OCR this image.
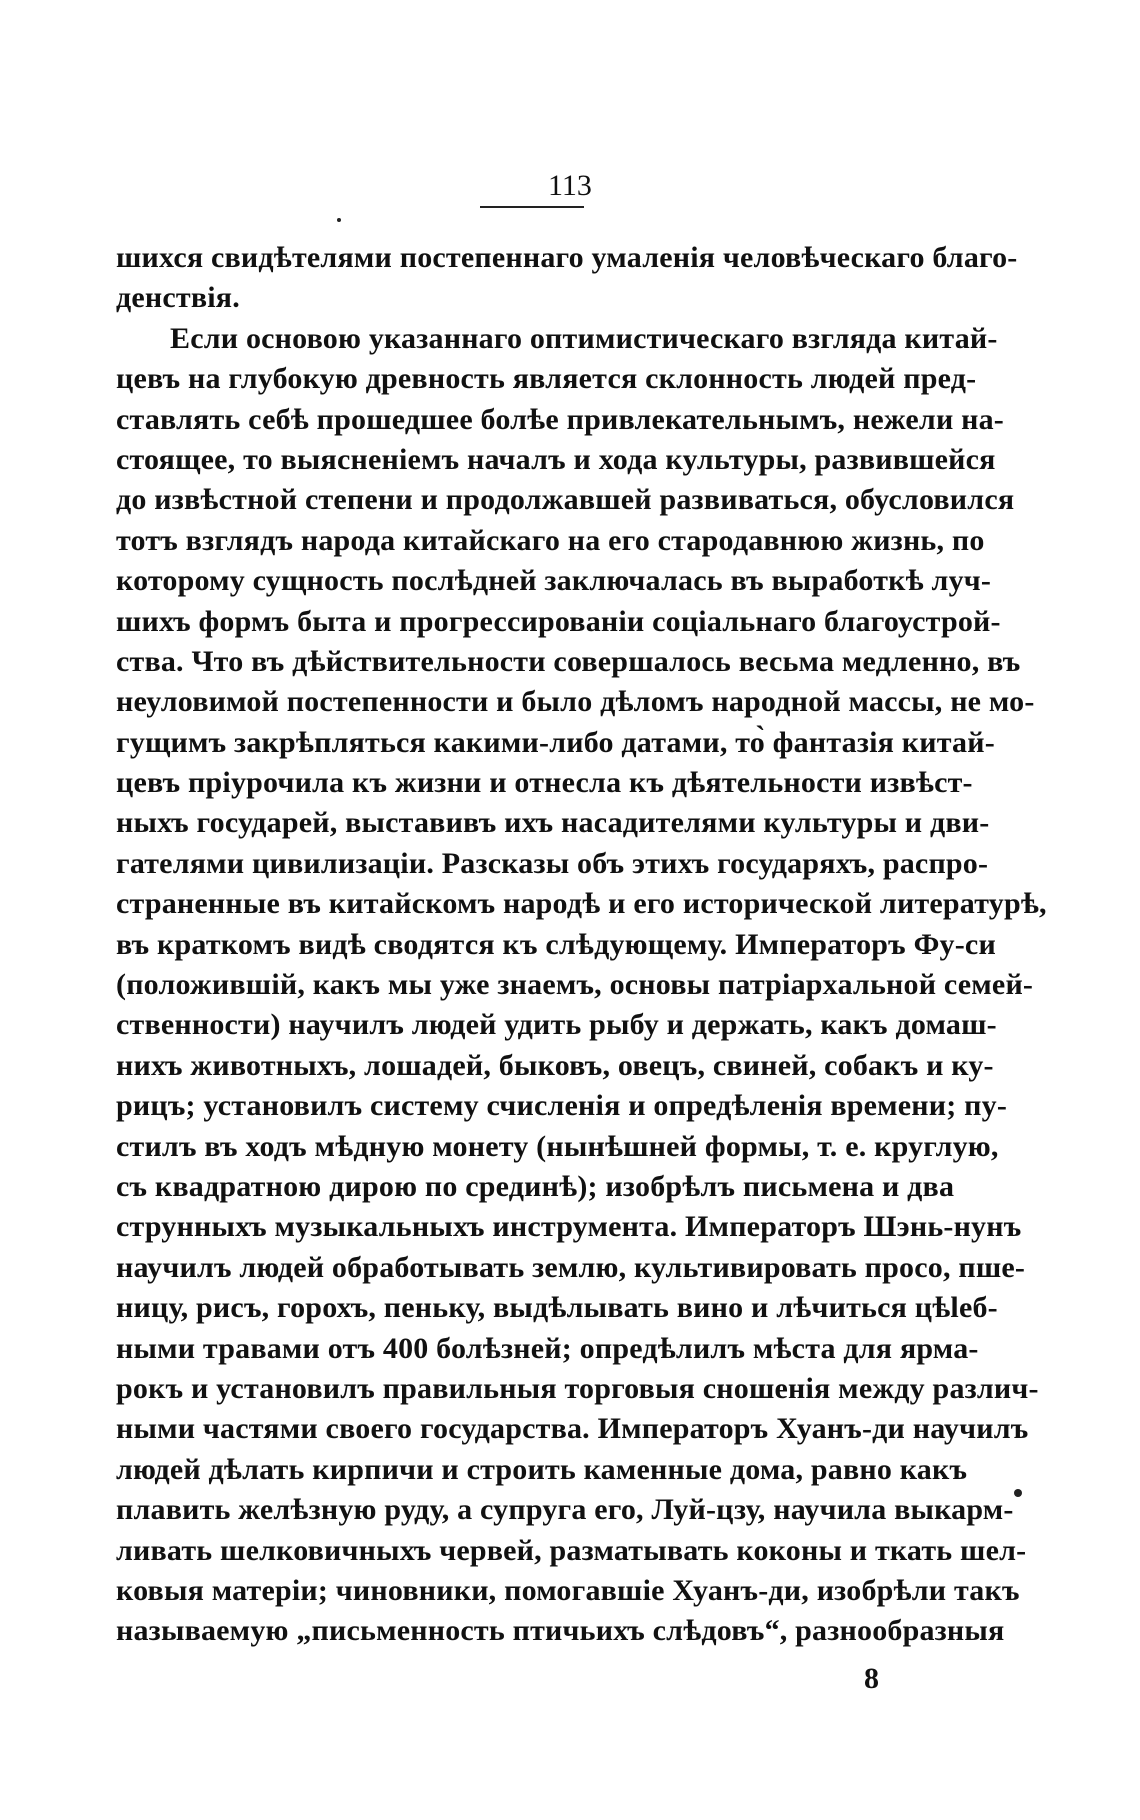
113
шихся свидѣтелями постепеннаго умаленія человѣческаго благо-
денствія.
Если основою указаннаго оптимистическаго взгляда китай-
цевъ на глубокую древность является склонность людей пред-
ставлять себѣ прошедшее болѣе привлекательнымъ, нежели на-
стоящее, то выясненіемъ началъ и хода культуры, развившейся
до извѣстной степени и продолжавшей развиваться, обусловился
тотъ взглядъ народа китайскаго на его стародавнюю жизнь, по
которому сущность послѣдней заключалась въ выработкѣ луч-
шихъ формъ быта и прогрессированіи соціальнаго благоустрой-
ства. Что въ дѣйствительности совершалось весьма медленно, въ
неуловимой постепенности и было дѣломъ народной массы, не мо-
гущимъ закрѣпляться какими-либо датами, то̀ фантазія китай-
цевъ пріурочила къ жизни и отнесла къ дѣятельности извѣст-
ныхъ государей, выставивъ ихъ насадителями культуры и дви-
гателями цивилизаціи. Разсказы объ этихъ государяхъ, распро-
страненные въ китайскомъ народѣ и его исторической литературѣ,
въ краткомъ видѣ сводятся къ слѣдующему. Императоръ Фу-си
(положившій, какъ мы уже знаемъ, основы патріархальной семей-
ственности) научилъ людей удить рыбу и держать, какъ домаш-
нихъ животныхъ, лошадей, быковъ, овецъ, свиней, собакъ и ку-
рицъ; установилъ систему счисленія и опредѣленія времени; пу-
стилъ въ ходъ мѣдную монету (нынѣшней формы, т. е. круглую,
съ квадратною дирою по срединѣ); изобрѣлъ письмена и два
струнныхъ музыкальныхъ инструмента. Императоръ Шэнь-нунъ
научилъ людей обработывать землю, культивировать просо, пше-
ницу, рисъ, горохъ, пеньку, выдѣлывать вино и лѣчиться цѣleб-
ными травами отъ 400 болѣзней; опредѣлилъ мѣста для ярма-
рокъ и установилъ правильныя торговыя сношенія между различ-
ными частями своего государства. Императоръ Хуанъ-ди научилъ
людей дѣлать кирпичи и строить каменные дома, равно какъ
плавить желѣзную руду, а супруга его, Луй-цзу, научила выкарм-
ливать шелковичныхъ червей, разматывать коконы и ткать шел-
ковыя матеріи; чиновники, помогавшіе Хуанъ-ди, изобрѣли такъ
называемую „письменность птичьихъ слѣдовъ“, разнообразныя
8
